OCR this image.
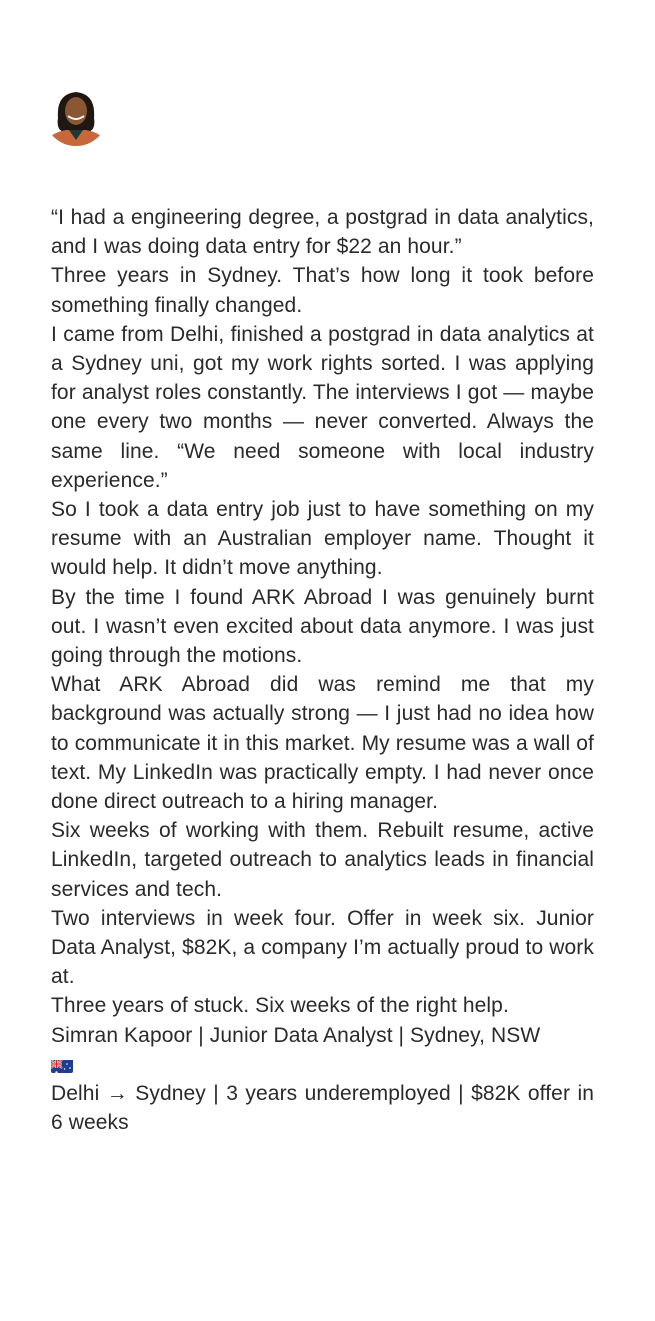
“I had a engineering degree, a postgrad in data analytics, and I was doing data entry for $22 an hour.”

Three years in Sydney. That’s how long it took before something finally changed.

I came from Delhi, finished a postgrad in data analytics at a Sydney uni, got my work rights sorted. I was applying for analyst roles constantly. The interviews I got — maybe one every two months — never converted. Always the same line. “We need someone with local industry experience.”

So I took a data entry job just to have something on my resume with an Australian employer name. Thought it would help. It didn’t move anything.

By the time I found ARK Abroad I was genuinely burnt out. I wasn’t even excited about data anymore. I was just going through the motions.

What ARK Abroad did was remind me that my background was actually strong — I just had no idea how to communicate it in this market. My resume was a wall of text. My LinkedIn was practically empty. I had never once done direct outreach to a hiring manager.

Six weeks of working with them. Rebuilt resume, active LinkedIn, targeted outreach to analytics leads in financial services and tech.

Two interviews in week four. Offer in week six. Junior Data Analyst, $82K, a company I’m actually proud to work at.

Three years of stuck. Six weeks of the right help.

Simran Kapoor | Junior Data Analyst | Sydney, NSW

Delhi → Sydney | 3 years underemployed | $82K offer in 6 weeks
